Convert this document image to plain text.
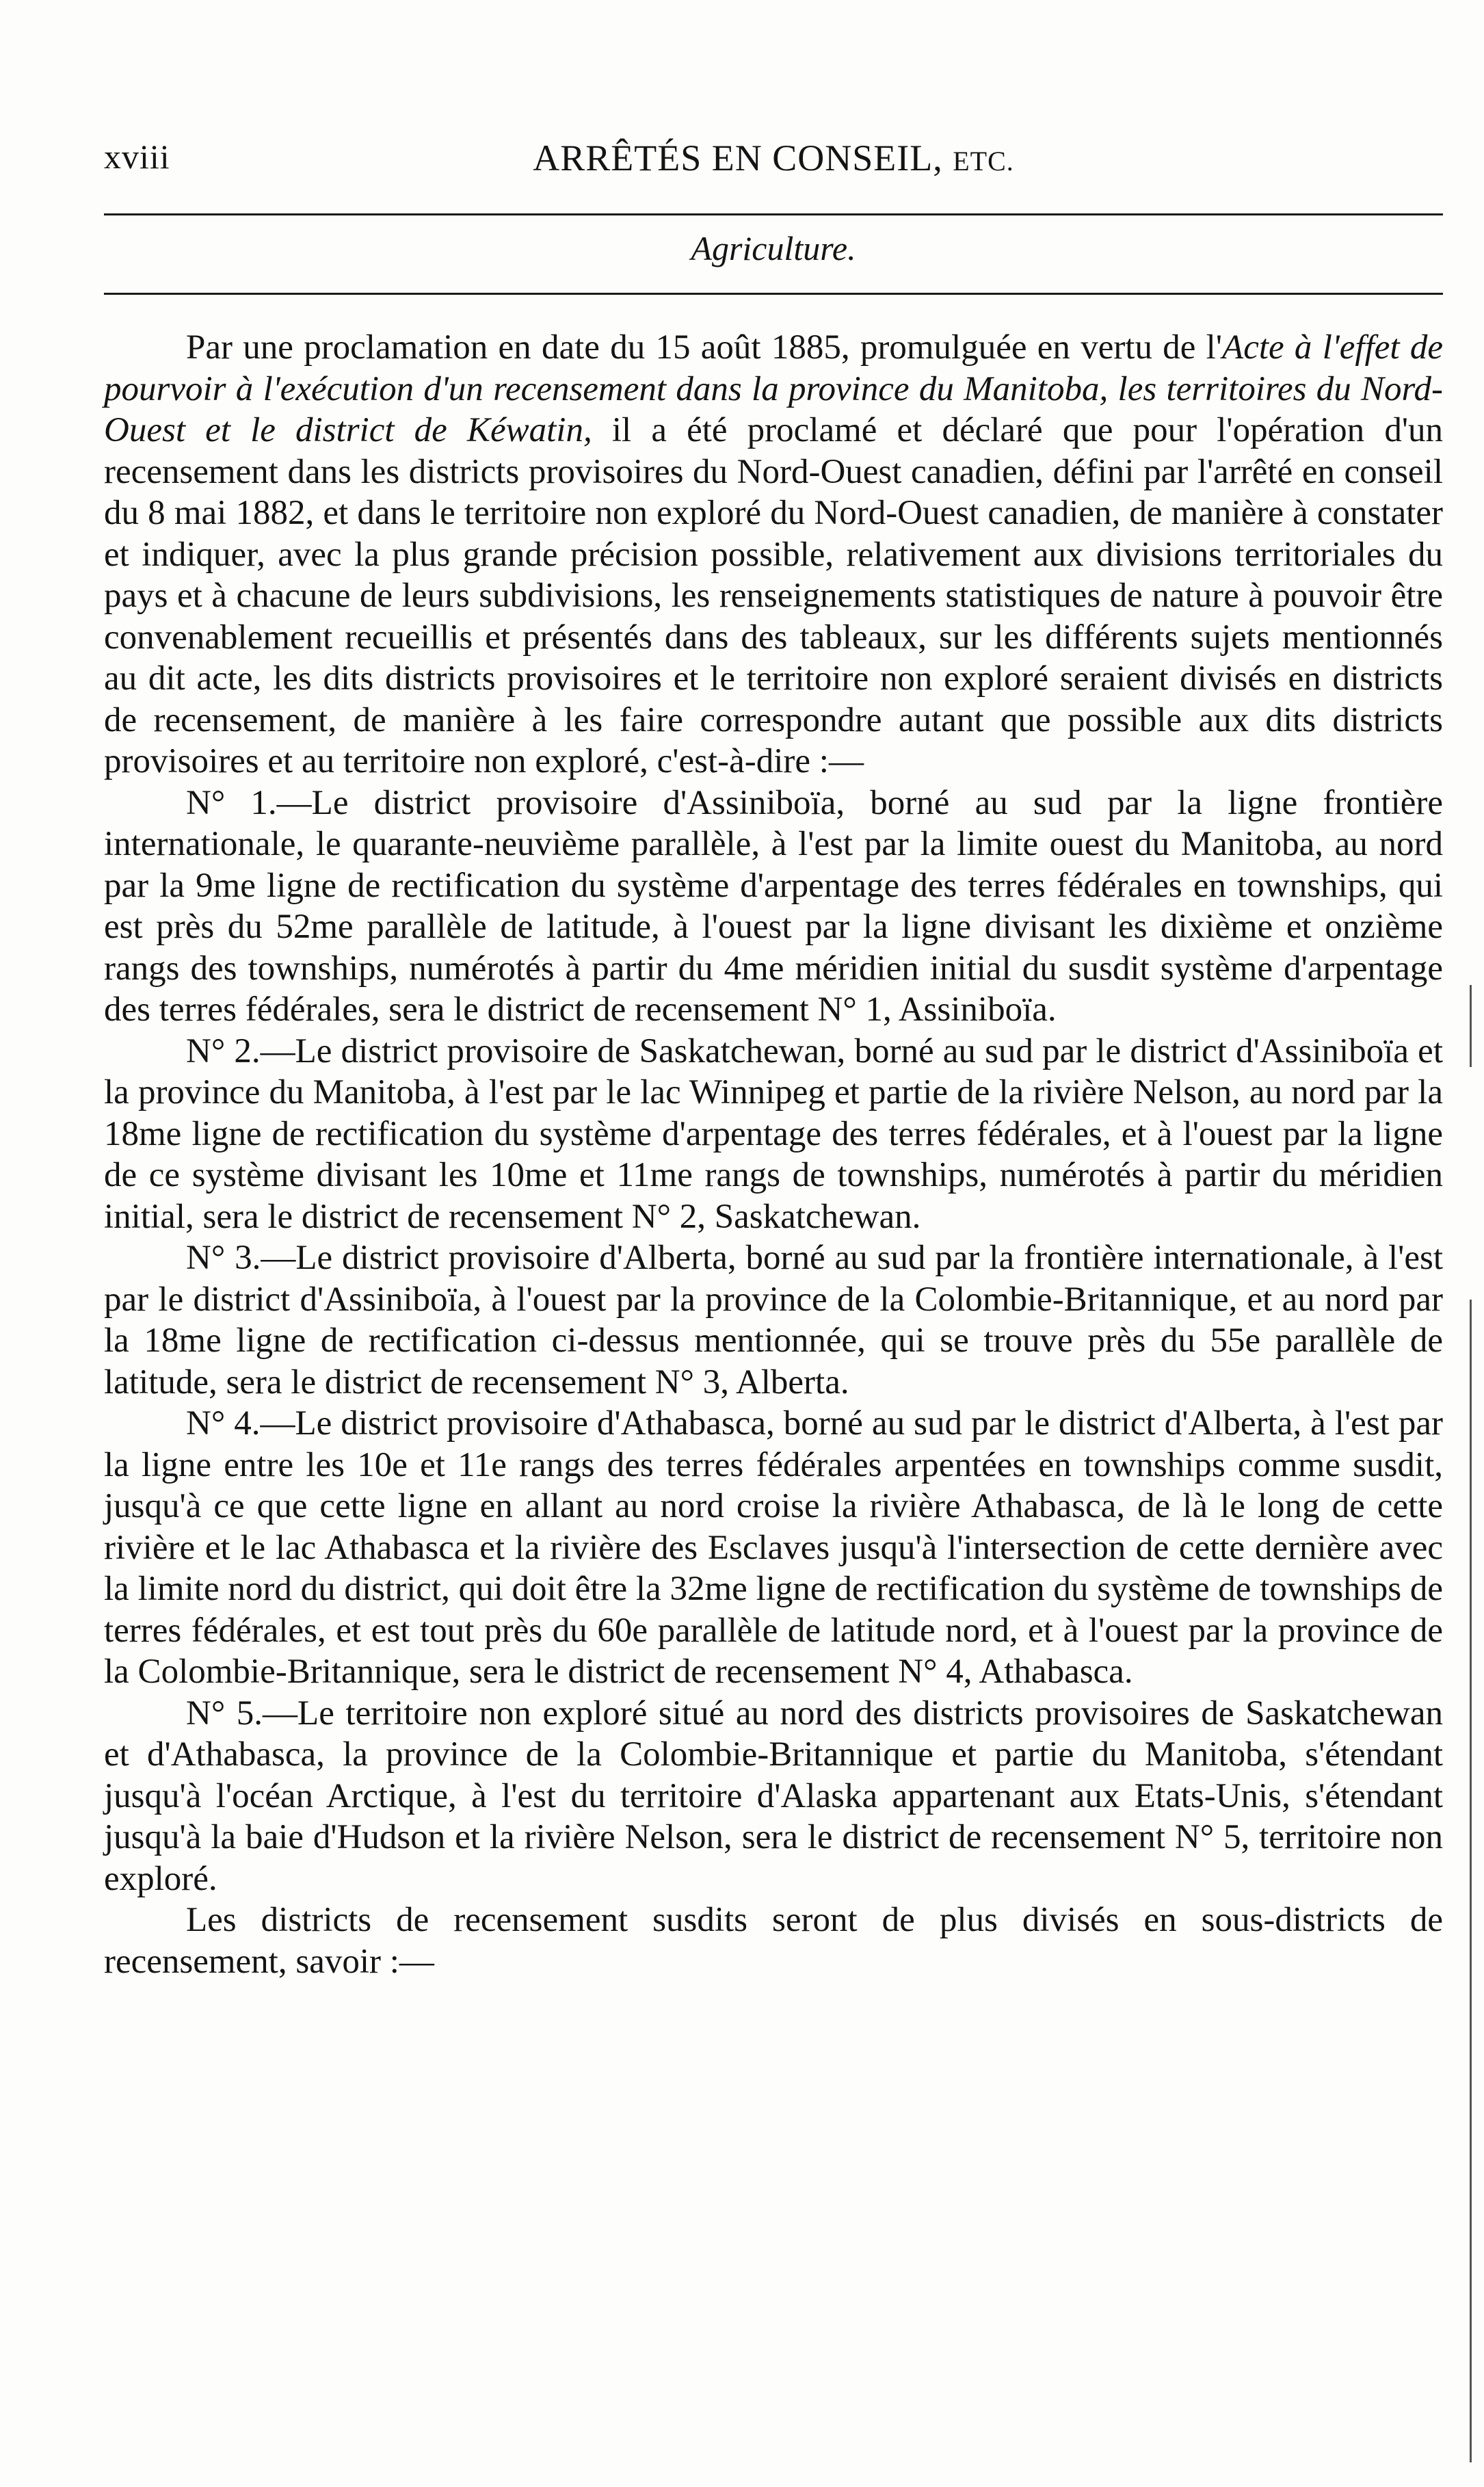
xviii	ARRÊTÉS EN CONSEIL, ETC.
Agriculture.

Par une proclamation en date du 15 août 1885, promulguée en vertu de l'Acte à l'effet de pourvoir à l'exécution d'un recensement dans la province du Manitoba, les territoires du Nord-Ouest et le district de Kéwatin, il a été proclamé et déclaré que pour l'opération d'un recensement dans les districts provisoires du Nord-Ouest canadien, défini par l'arrêté en conseil du 8 mai 1882, et dans le territoire non exploré du Nord-Ouest canadien, de manière à constater et indiquer, avec la plus grande précision possible, relativement aux divisions territoriales du pays et à chacune de leurs subdivisions, les renseignements statistiques de nature à pouvoir être convenablement recueillis et présentés dans des tableaux, sur les différents sujets mentionnés au dit acte, les dits districts provisoires et le territoire non exploré seraient divisés en districts de recensement, de manière à les faire correspondre autant que possible aux dits districts provisoires et au territoire non exploré, c'est-à-dire :—

N° 1.—Le district provisoire d'Assiniboïa, borné au sud par la ligne frontière internationale, le quarante-neuvième parallèle, à l'est par la limite ouest du Manitoba, au nord par la 9me ligne de rectification du système d'arpentage des terres fédérales en townships, qui est près du 52me parallèle de latitude, à l'ouest par la ligne divisant les dixième et onzième rangs des townships, numérotés à partir du 4me méridien initial du susdit système d'arpentage des terres fédérales, sera le district de recensement N° 1, Assiniboïa.

N° 2.—Le district provisoire de Saskatchewan, borné au sud par le district d'Assiniboïa et la province du Manitoba, à l'est par le lac Winnipeg et partie de la rivière Nelson, au nord par la 18me ligne de rectification du système d'arpentage des terres fédérales, et à l'ouest par la ligne de ce système divisant les 10me et 11me rangs de townships, numérotés à partir du méridien initial, sera le district de recensement N° 2, Saskatchewan.

N° 3.—Le district provisoire d'Alberta, borné au sud par la frontière internationale, à l'est par le district d'Assiniboïa, à l'ouest par la province de la Colombie-Britannique, et au nord par la 18me ligne de rectification ci-dessus mentionnée, qui se trouve près du 55e parallèle de latitude, sera le district de recensement N° 3, Alberta.

N° 4.—Le district provisoire d'Athabasca, borné au sud par le district d'Alberta, à l'est par la ligne entre les 10e et 11e rangs des terres fédérales arpentées en townships comme susdit, jusqu'à ce que cette ligne en allant au nord croise la rivière Athabasca, de là le long de cette rivière et le lac Athabasca et la rivière des Esclaves jusqu'à l'intersection de cette dernière avec la limite nord du district, qui doit être la 32me ligne de rectification du système de townships de terres fédérales, et est tout près du 60e parallèle de latitude nord, et à l'ouest par la province de la Colombie-Britannique, sera le district de recensement N° 4, Athabasca.

N° 5.—Le territoire non exploré situé au nord des districts provisoires de Saskatchewan et d'Athabasca, la province de la Colombie-Britannique et partie du Manitoba, s'étendant jusqu'à l'océan Arctique, à l'est du territoire d'Alaska appartenant aux Etats-Unis, s'étendant jusqu'à la baie d'Hudson et la rivière Nelson, sera le district de recensement N° 5, territoire non exploré.

Les districts de recensement susdits seront de plus divisés en sous-districts de recensement, savoir :—
